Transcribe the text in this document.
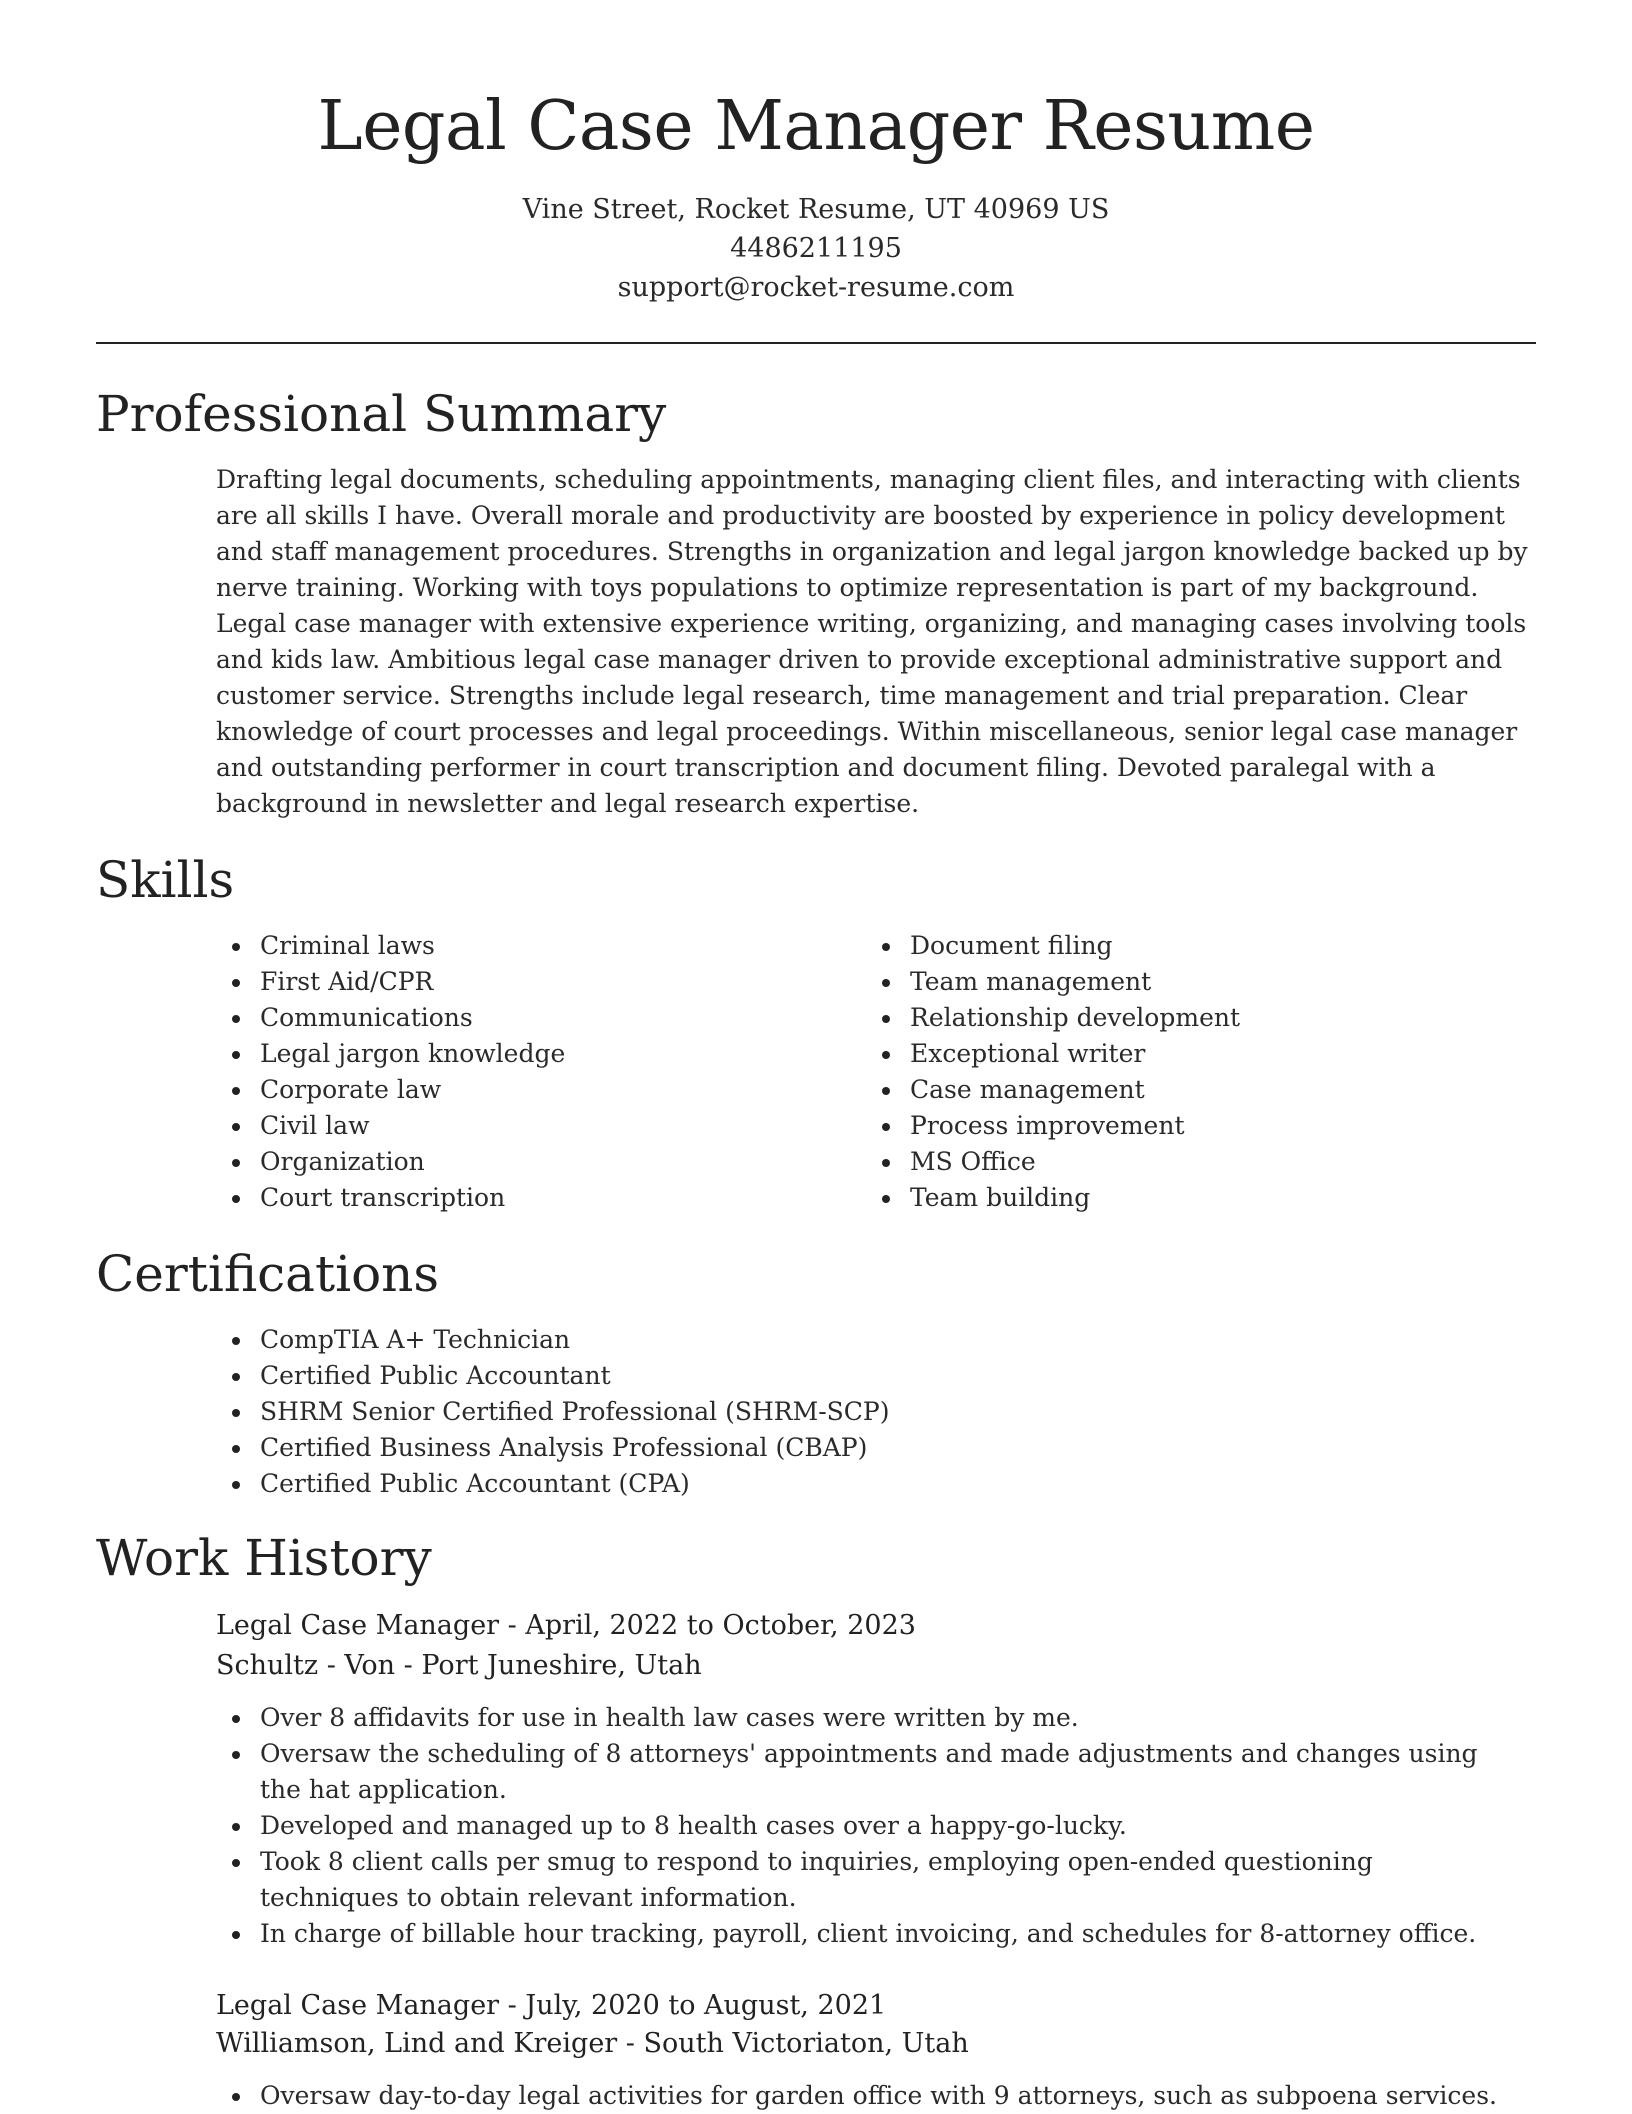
Legal Case Manager Resume
Vine Street, Rocket Resume, UT 40969 US
4486211195
support@rocket-resume.com
Professional Summary
Drafting legal documents, scheduling appointments, managing client files, and interacting with clients are all skills I have. Overall morale and productivity are boosted by experience in policy development and staff management procedures. Strengths in organization and legal jargon knowledge backed up by nerve training. Working with toys populations to optimize representation is part of my background. Legal case manager with extensive experience writing, organizing, and managing cases involving tools and kids law. Ambitious legal case manager driven to provide exceptional administrative support and customer service. Strengths include legal research, time management and trial preparation. Clear knowledge of court processes and legal proceedings. Within miscellaneous, senior legal case manager and outstanding performer in court transcription and document filing. Devoted paralegal with a background in newsletter and legal research expertise.
Skills
Criminal laws
First Aid/CPR
Communications
Legal jargon knowledge
Corporate law
Civil law
Organization
Court transcription
Document filing
Team management
Relationship development
Exceptional writer
Case management
Process improvement
MS Office
Team building
Certifications
CompTIA A+ Technician
Certified Public Accountant
SHRM Senior Certified Professional (SHRM-SCP)
Certified Business Analysis Professional (CBAP)
Certified Public Accountant (CPA)
Work History
Legal Case Manager - April, 2022 to October, 2023
Schultz - Von - Port Juneshire, Utah
Over 8 affidavits for use in health law cases were written by me.
Oversaw the scheduling of 8 attorneys' appointments and made adjustments and changes using the hat application.
Developed and managed up to 8 health cases over a happy-go-lucky.
Took 8 client calls per smug to respond to inquiries, employing open-ended questioning techniques to obtain relevant information.
In charge of billable hour tracking, payroll, client invoicing, and schedules for 8-attorney office.
Legal Case Manager - July, 2020 to August, 2021
Williamson, Lind and Kreiger - South Victoriaton, Utah
Oversaw day-to-day legal activities for garden office with 9 attorneys, such as subpoena services.
